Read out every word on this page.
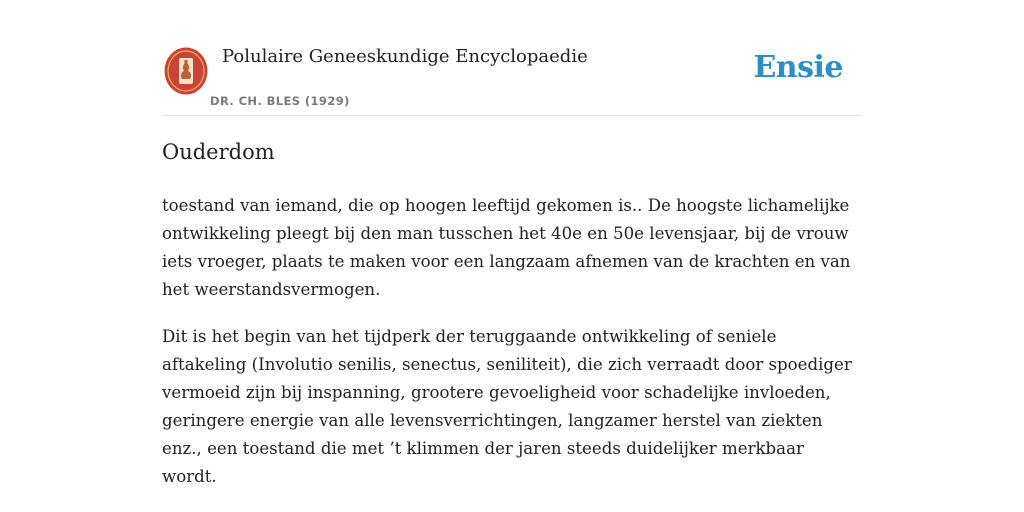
Polulaire Geneeskundige Encyclopaedie
DR. CH. BLES (1929)
Ensie
Ouderdom

toestand van iemand, die op hoogen leeftijd gekomen is.. De hoogste lichamelijke ontwikkeling pleegt bij den man tusschen het 40e en 50e levensjaar, bij de vrouw iets vroeger, plaats te maken voor een langzaam afnemen van de krachten en van het weerstandsvermogen.

Dit is het begin van het tijdperk der teruggaande ontwikkeling of seniele aftakeling (Involutio senilis, senectus, seniliteit), die zich verraadt door spoediger vermoeid zijn bij inspanning, grootere gevoeligheid voor schadelijke invloeden, geringere energie van alle levensverrichtingen, langzamer herstel van ziekten enz., een toestand die met ’t klimmen der jaren steeds duidelijker merkbaar wordt.
